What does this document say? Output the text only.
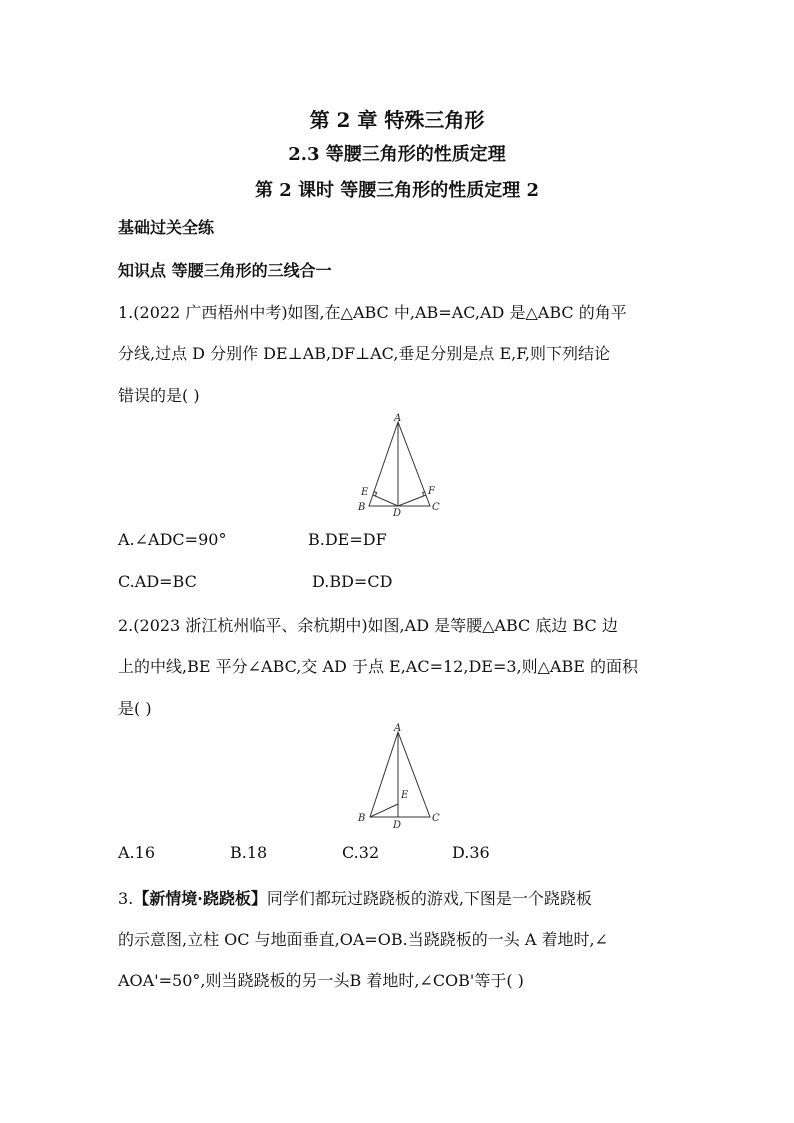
第 2 章 特殊三角形
2.3 等腰三角形的性质定理
第 2 课时 等腰三角形的性质定理 2
基础过关全练
知识点 等腰三角形的三线合一
1.(2022 广西梧州中考)如图,在△ABC 中,AB=AC,AD 是△ABC 的角平
分线,过点 D 分别作 DE⊥AB,DF⊥AC,垂足分别是点 E,F,则下列结论
错误的是( )
A
B	C
D
E	F
A.∠ADC=90°	B.DE=DF
C.AD=BC	D.BD=CD
2.(2023 浙江杭州临平、余杭期中)如图,AD 是等腰△ABC 底边 BC 边
上的中线,BE 平分∠ABC,交 AD 于点 E,AC=12,DE=3,则△ABE 的面积
是( )
A
B	C
D
E
A.16	B.18	C.32	D.36
3.【新情境·跷跷板】同学们都玩过跷跷板的游戏,下图是一个跷跷板
的示意图,立柱 OC 与地面垂直,OA=OB.当跷跷板的一头 A 着地时,∠
AOA'=50°,则当跷跷板的另一头B 着地时,∠COB'等于( )
